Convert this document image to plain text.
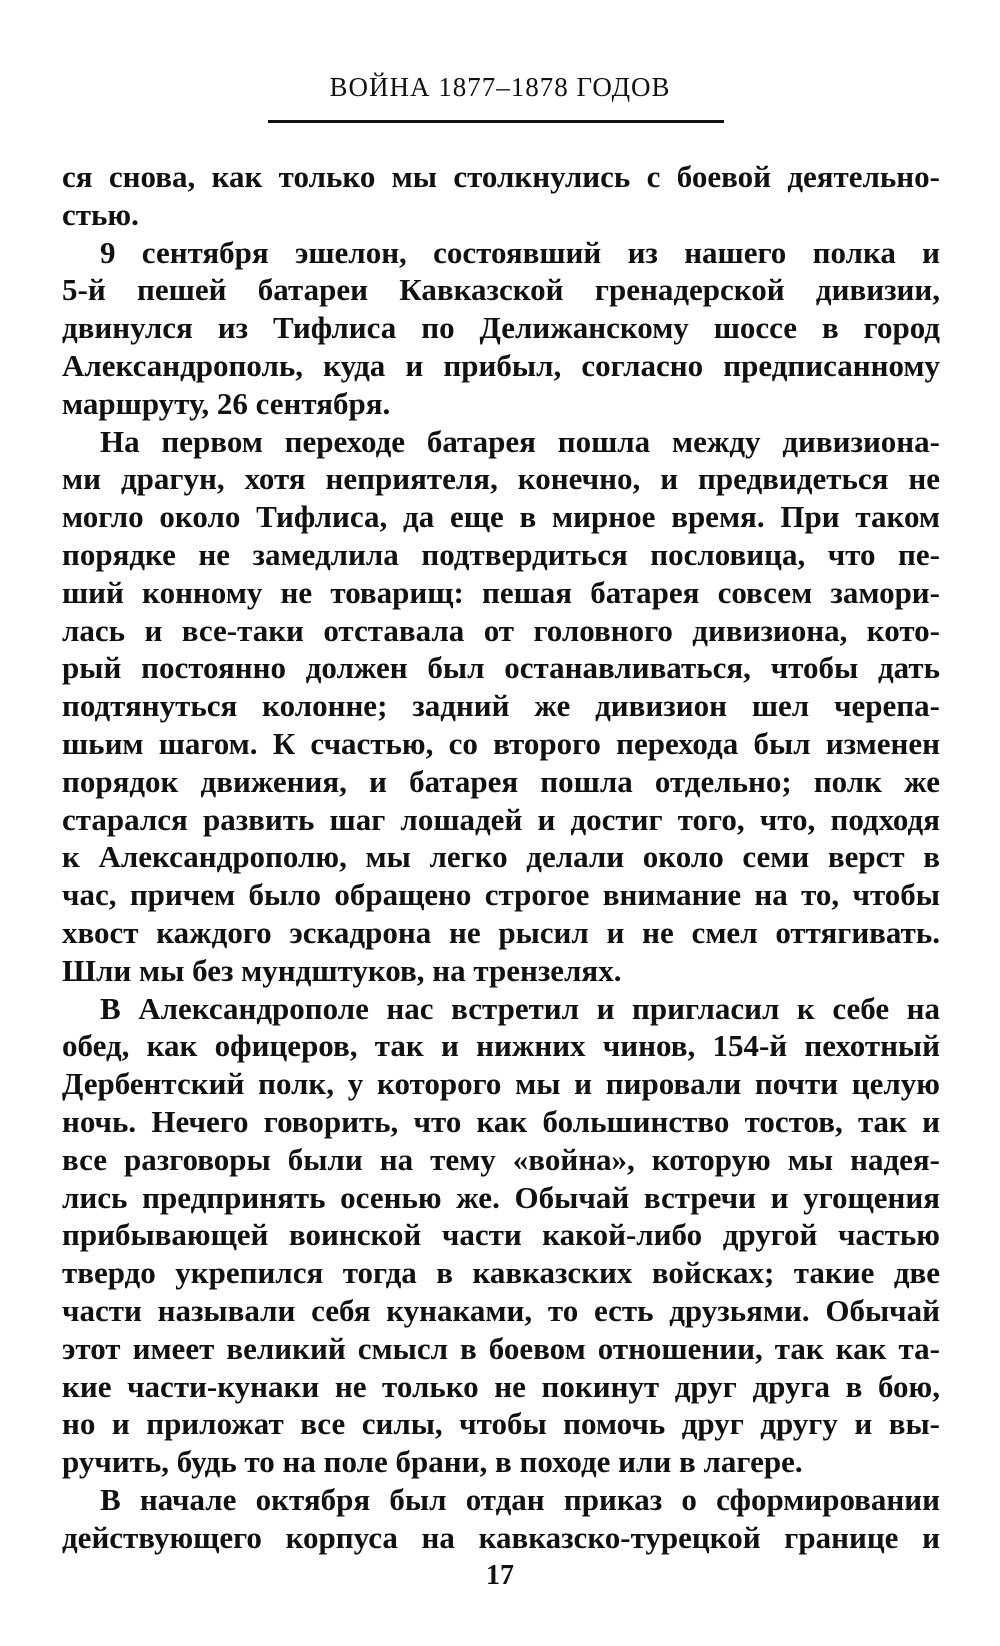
ВОЙНА 1877–1878 ГОДОВ
ся снова, как только мы столкнулись с боевой деятельно-
стью.
9 сентября эшелон, состоявший из нашего полка и
5-й пешей батареи Кавказской гренадерской дивизии,
двинулся из Тифлиса по Делижанскому шоссе в город
Александрополь, куда и прибыл, согласно предписанному
маршруту, 26 сентября.
На первом переходе батарея пошла между дивизиона-
ми драгун, хотя неприятеля, конечно, и предвидеться не
могло около Тифлиса, да еще в мирное время. При таком
порядке не замедлила подтвердиться пословица, что пе-
ший конному не товарищ: пешая батарея совсем замори-
лась и все-таки отставала от головного дивизиона, кото-
рый постоянно должен был останавливаться, чтобы дать
подтянуться колонне; задний же дивизион шел черепа-
шьим шагом. К счастью, со второго перехода был изменен
порядок движения, и батарея пошла отдельно; полк же
старался развить шаг лошадей и достиг того, что, подходя
к Александрополю, мы легко делали около семи верст в
час, причем было обращено строгое внимание на то, чтобы
хвост каждого эскадрона не рысил и не смел оттягивать.
Шли мы без мундштуков, на трензелях.
В Александрополе нас встретил и пригласил к себе на
обед, как офицеров, так и нижних чинов, 154-й пехотный
Дербентский полк, у которого мы и пировали почти целую
ночь. Нечего говорить, что как большинство тостов, так и
все разговоры были на тему «война», которую мы надея-
лись предпринять осенью же. Обычай встречи и угощения
прибывающей воинской части какой-либо другой частью
твердо укрепился тогда в кавказских войсках; такие две
части называли себя кунаками, то есть друзьями. Обычай
этот имеет великий смысл в боевом отношении, так как та-
кие части-кунаки не только не покинут друг друга в бою,
но и приложат все силы, чтобы помочь друг другу и вы-
ручить, будь то на поле брани, в походе или в лагере.
В начале октября был отдан приказ о сформировании
действующего корпуса на кавказско-турецкой границе и
17
